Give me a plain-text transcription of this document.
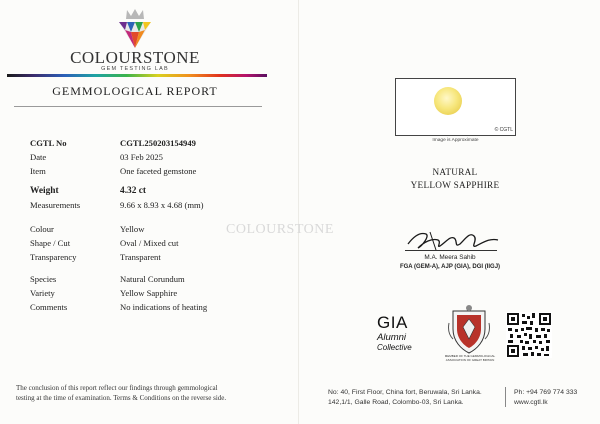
COLOURSTONE
GEM TESTING LAB
GEMMOLOGICAL REPORT
CGTL No	CGTL250203154949
Date	03 Feb 2025
Item	One faceted gemstone
Weight	4.32 ct
Measurements	9.66 x 8.93 x 4.68 (mm)
Colour	Yellow
Shape / Cut	Oval / Mixed cut
Transparency	Transparent
Species	Natural Corundum
Variety	Yellow Sapphire
Comments	No indications of heating
The conclusion of this report reflect our findings through gemmological
testing at the time of examination. Terms & Conditions on the reverse side.
COLOURSTONE
© CGTL
Image is Approximate
NATURAL
YELLOW SAPPHIRE
M.A. Meera Sahib
FGA (GEM-A), AJP (GIA), DGI (IIGJ)
GIA
Alumni
Collective
MEMBER OF THE GEMMOLOGICAL
ASSOCIATION OF GREAT BRITAIN
No: 40, First Floor, China fort, Beruwala, Sri Lanka.
142,1/1, Galle Road, Colombo-03, Sri Lanka.
Ph: +94 769 774 333
www.cgtl.lk
